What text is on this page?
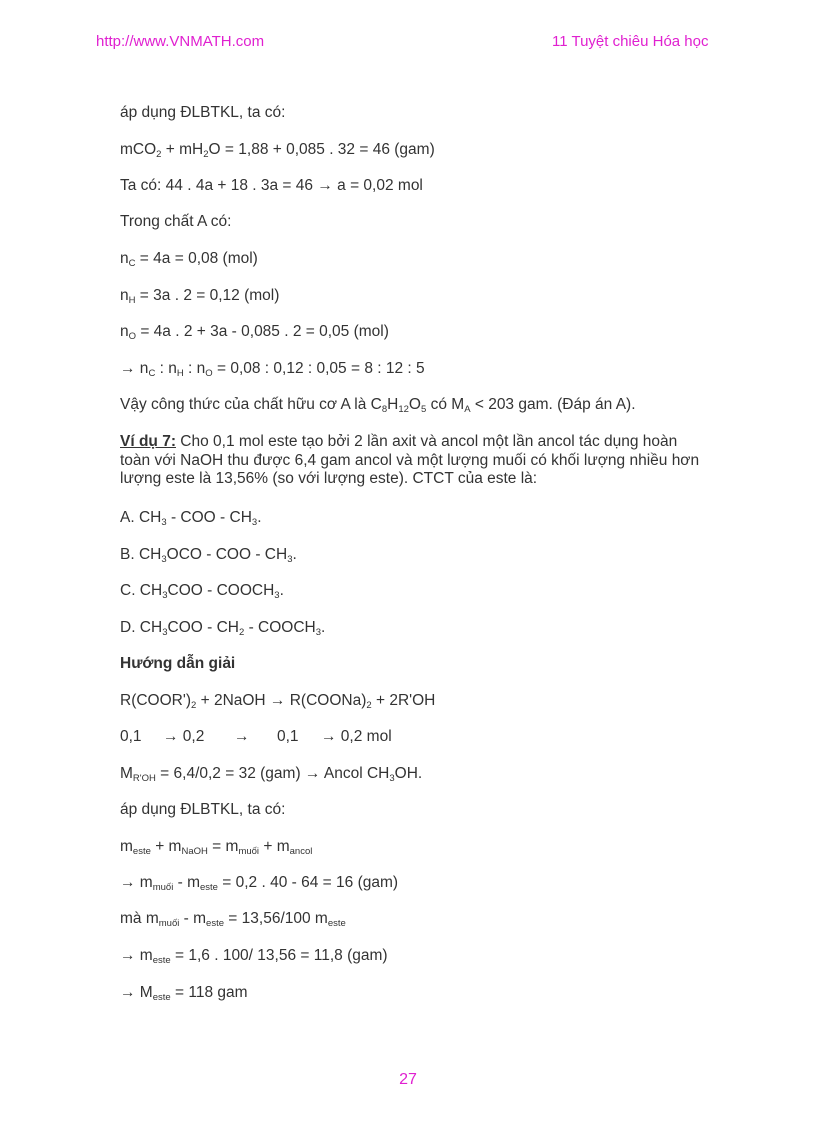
http://www.VNMATH.com	11 Tuyệt chiêu Hóa học
áp dụng ĐLBTKL, ta có:
$mCO_2 + mH_2O = 1,88 + 0,085$ . 32 = 46 (gam)
Ta có: 44 . 4a + 18 . 3a = 46 → a = 0,02 mol
Trong chất A có:
$n_C = 4a = 0,08$ (mol)
$n_H = 3a$ . 2 = 0,12 (mol)
$n_O = 4a$ . 2 + 3a - 0,085 . 2 = 0,05 (mol)
→ $n_C$ : $n_H$ : $n_O = 0,08$ : 0,12 : 0,05 = 8 : 12 : 5
Vậy công thức của chất hữu cơ A là $C_8H_{12}O_5$ có $M_A < 203$ gam. (Đáp án A).
Ví dụ 7: Cho 0,1 mol este tạo bởi 2 lần axit và ancol một lần ancol tác dụng hoàn toàn với NaOH thu được 6,4 gam ancol và một lượng muối có khối lượng nhiều hơn lượng este là 13,56% (so với lượng este). CTCT của este là:
A. $CH_3$ - COO - $CH_3$.
B. $CH_3OCO$ - COO - $CH_3$.
C. $CH_3COO$ - $COOCH_3$.
D. $CH_3COO - CH_2$ - $COOCH_3$.
Hướng dẫn giải
$R(COOR')_2$ + 2NaOH → $R(COONa)_2 + 2R'OH$
0,1 → 0,2 → 0,1 → 0,2 mol
$M_{R'OH} = 6,4/0,2 = 32$ (gam) → Ancol $CH_3OH$.
áp dụng ĐLBTKL, ta có:
$m_{este} + m_{NaOH} = m_{muối} + m_{ancol}$
→ $m_{muối} - m_{este} = 0,2$ . 40 - 64 = 16 (gam)
mà $m_{muối} - m_{este} = 13,56/100$ $m_{este}$
→ $m_{este} = 1,6$ . 100/ 13,56 = 11,8 (gam)
→ $M_{este} = 118$ gam
27
